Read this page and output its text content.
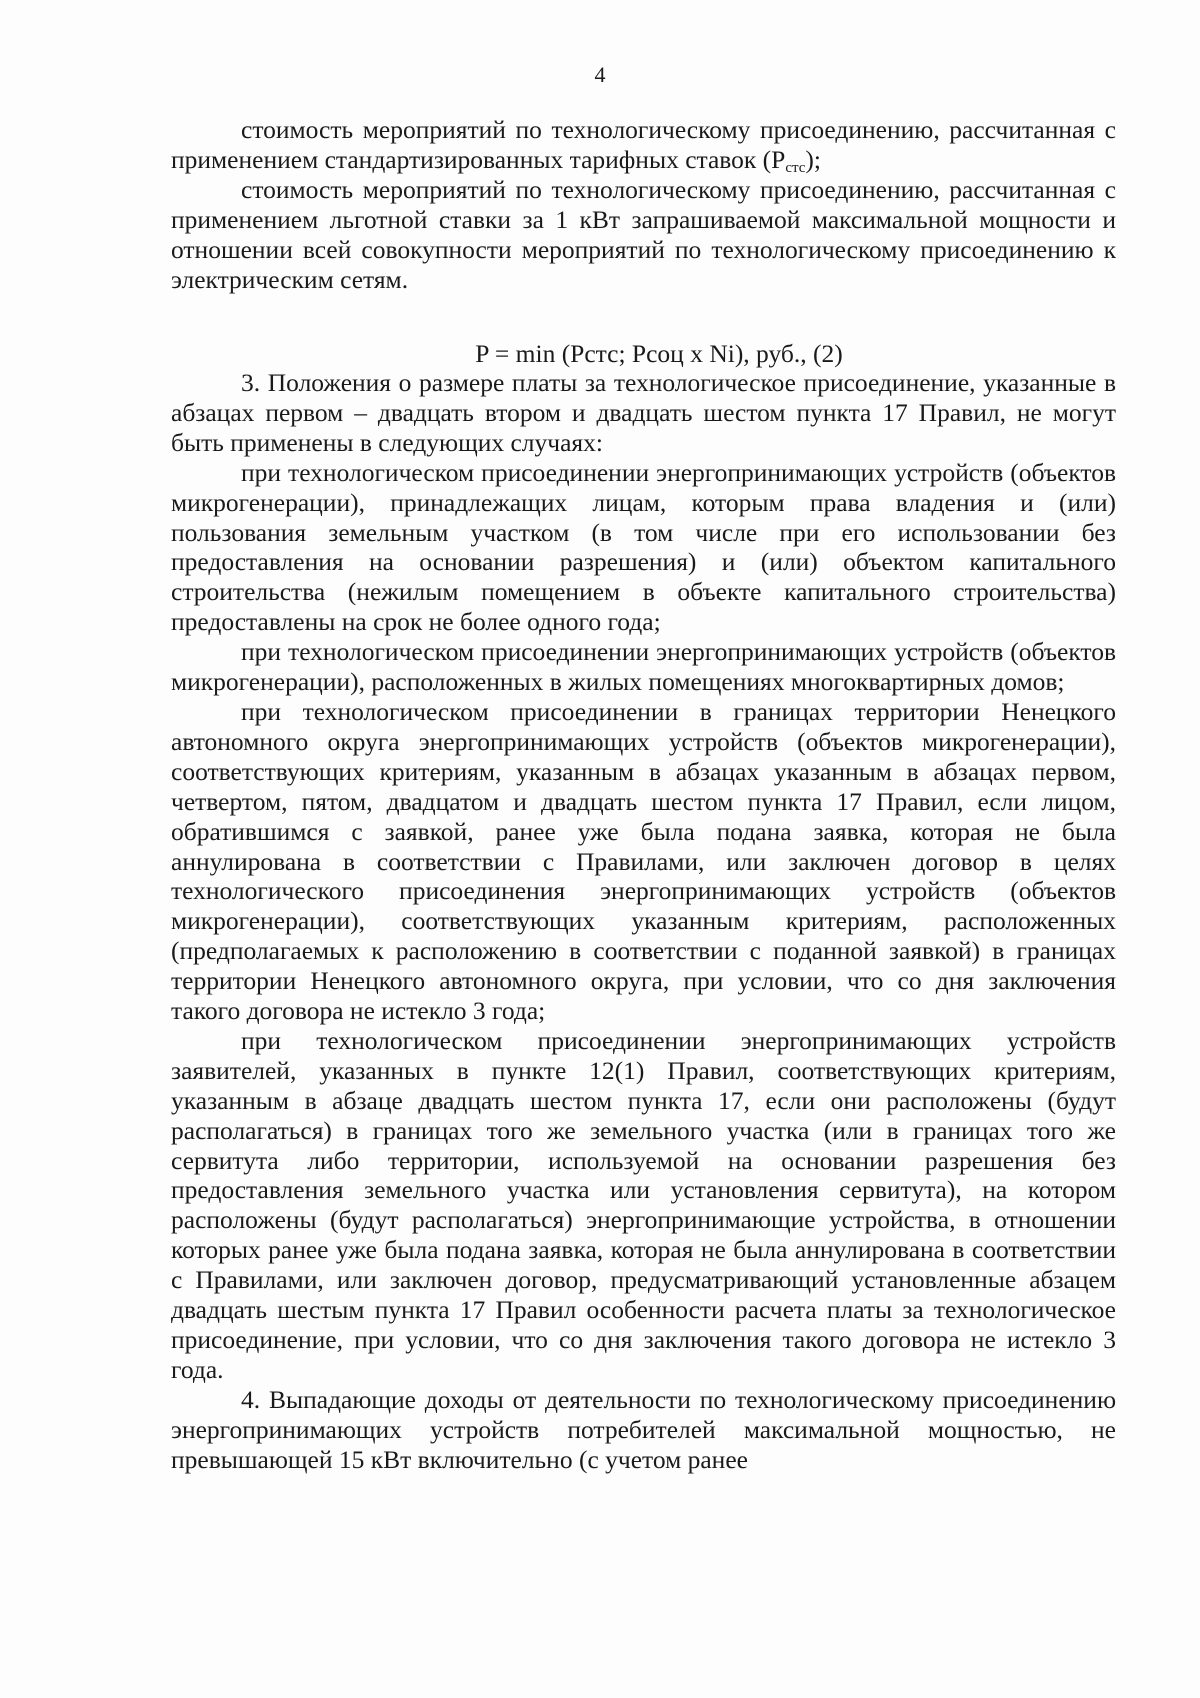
4

стоимость мероприятий по технологическому присоединению, рассчитанная с применением стандартизированных тарифных ставок $(P_{стс})$;

стоимость мероприятий по технологическому присоединению, рассчитанная с применением льготной ставки за 1 кВт запрашиваемой максимальной мощности и отношении всей совокупности мероприятий по технологическому присоединению к электрическим сетям.

P = min (Pстс; Pсоц x Ni), руб., (2)

3. Положения о размере платы за технологическое присоединение, указанные в абзацах первом – двадцать втором и двадцать шестом пункта 17 Правил, не могут быть применены в следующих случаях:

при технологическом присоединении энергопринимающих устройств (объектов микрогенерации), принадлежащих лицам, которым права владения и (или) пользования земельным участком (в том числе при его использовании без предоставления на основании разрешения) и (или) объектом капитального строительства (нежилым помещением в объекте капитального строительства) предоставлены на срок не более одного года;

при технологическом присоединении энергопринимающих устройств (объектов микрогенерации), расположенных в жилых помещениях многоквартирных домов;

при технологическом присоединении в границах территории Ненецкого автономного округа энергопринимающих устройств (объектов микрогенерации), соответствующих критериям, указанным в абзацах указанным в абзацах первом, четвертом, пятом, двадцатом и двадцать шестом пункта 17 Правил, если лицом, обратившимся с заявкой, ранее уже была подана заявка, которая не была аннулирована в соответствии с Правилами, или заключен договор в целях технологического присоединения энергопринимающих устройств (объектов микрогенерации), соответствующих указанным критериям, расположенных (предполагаемых к расположению в соответствии с поданной заявкой) в границах территории Ненецкого автономного округа, при условии, что со дня заключения такого договора не истекло 3 года;

при технологическом присоединении энергопринимающих устройств заявителей, указанных в пункте 12(1) Правил, соответствующих критериям, указанным в абзаце двадцать шестом пункта 17, если они расположены (будут располагаться) в границах того же земельного участка (или в границах того же сервитута либо территории, используемой на основании разрешения без предоставления земельного участка или установления сервитута), на котором расположены (будут располагаться) энергопринимающие устройства, в отношении которых ранее уже была подана заявка, которая не была аннулирована в соответствии с Правилами, или заключен договор, предусматривающий установленные абзацем двадцать шестым пункта 17 Правил особенности расчета платы за технологическое присоединение, при условии, что со дня заключения такого договора не истекло 3 года.

4. Выпадающие доходы от деятельности по технологическому присоединению энергопринимающих устройств потребителей максимальной мощностью, не превышающей 15 кВт включительно (с учетом ранее
